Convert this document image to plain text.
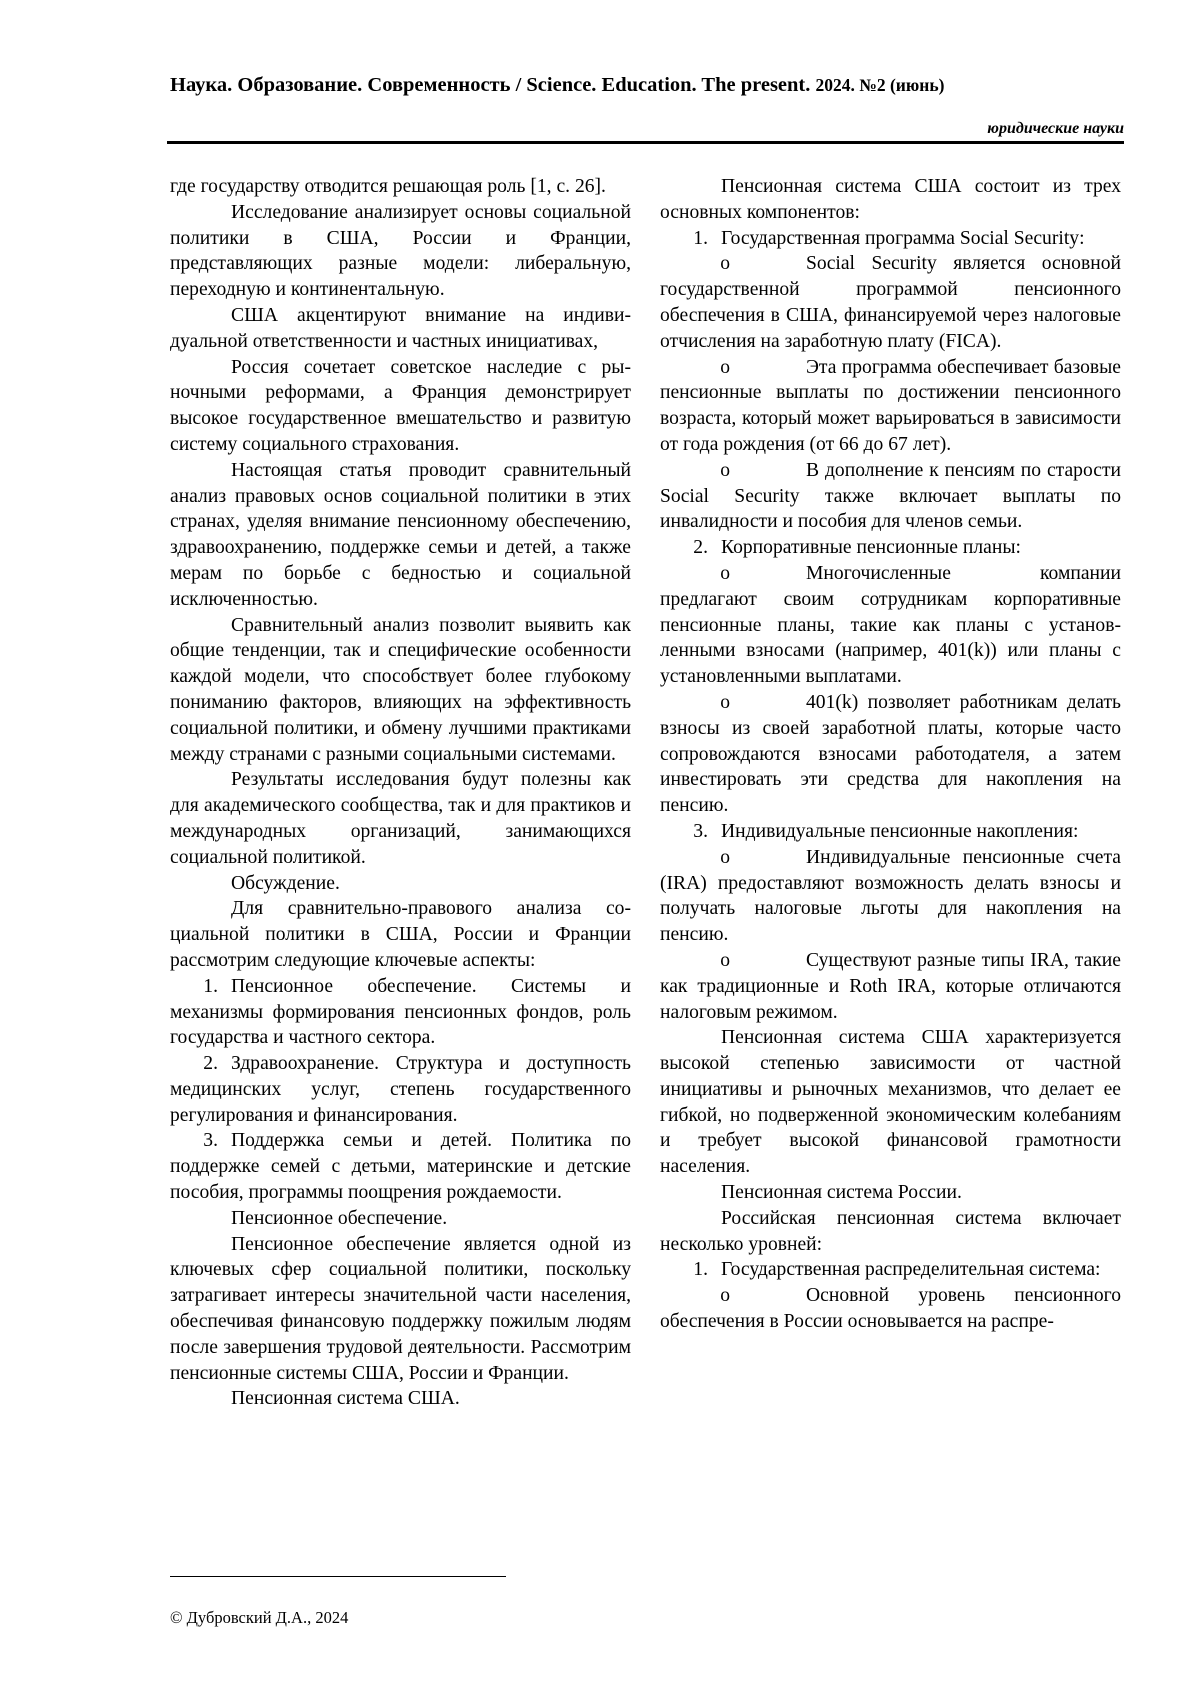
Наука. Образование. Современность / Science. Education. The present. 2024. №2 (июнь)
юридические науки

где государству отводится решающая роль [1, с. 26].

Исследование анализирует основы социальной политики в США, России и Франции, представляющих разные модели: либеральную, переходную и континентальную.

США акцентируют внимание на индивидуальной ответственности и частных инициативах,

Россия сочетает советское наследие с рыночными реформами, а Франция демонстрирует высокое государственное вмешательство и развитую систему социального страхования.

Настоящая статья проводит сравнительный анализ правовых основ социальной политики в этих странах, уделяя внимание пенсионному обеспечению, здравоохранению, поддержке семьи и детей, а также мерам по борьбе с бедностью и социальной исключенностью.

Сравнительный анализ позволит выявить как общие тенденции, так и специфические особенности каждой модели, что способствует более глубокому пониманию факторов, влияющих на эффективность социальной политики, и обмену лучшими практиками между странами с разными социальными системами.

Результаты исследования будут полезны как для академического сообщества, так и для практиков и международных организаций, занимающихся социальной политикой.

Обсуждение.

Для сравнительно-правового анализа социальной политики в США, России и Франции рассмотрим следующие ключевые аспекты:

1. Пенсионное обеспечение. Системы и механизмы формирования пенсионных фондов, роль государства и частного сектора.

2. Здравоохранение. Структура и доступность медицинских услуг, степень государственного регулирования и финансирования.

3. Поддержка семьи и детей. Политика по поддержке семей с детьми, материнские и детские пособия, программы поощрения рождаемости.

Пенсионное обеспечение.

Пенсионное обеспечение является одной из ключевых сфер социальной политики, поскольку затрагивает интересы значительной части населения, обеспечивая финансовую поддержку пожилым людям после завершения трудовой деятельности. Рассмотрим пенсионные системы США, России и Франции.

Пенсионная система США.

Пенсионная система США состоит из трех основных компонентов:

1. Государственная программа Social Security:

o	Social Security является основной государственной программой пенсионного обеспечения в США, финансируемой через налоговые отчисления на заработную плату (FICA).

o	Эта программа обеспечивает базовые пенсионные выплаты по достижении пенсионного возраста, который может варьироваться в зависимости от года рождения (от 66 до 67 лет).

o	В дополнение к пенсиям по старости Social Security также включает выплаты по инвалидности и пособия для членов семьи.

2. Корпоративные пенсионные планы:

o	Многочисленные компании предлагают своим сотрудникам корпоративные пенсионные планы, такие как планы с установленными взносами (например, 401(k)) или планы с установленными выплатами.

o	401(k) позволяет работникам делать взносы из своей заработной платы, которые часто сопровождаются взносами работодателя, а затем инвестировать эти средства для накопления на пенсию.

3. Индивидуальные пенсионные накопления:

o	Индивидуальные пенсионные счета (IRA) предоставляют возможность делать взносы и получать налоговые льготы для накопления на пенсию.

o	Существуют разные типы IRA, такие как традиционные и Roth IRA, которые отличаются налоговым режимом.

Пенсионная система США характеризуется высокой степенью зависимости от частной инициативы и рыночных механизмов, что делает ее гибкой, но подверженной экономическим колебаниям и требует высокой финансовой грамотности населения.

Пенсионная система России.

Российская пенсионная система включает несколько уровней:

1. Государственная распределительная система:

o	Основной уровень пенсионного обеспечения в России основывается на распре-

© Дубровский Д.А., 2024
